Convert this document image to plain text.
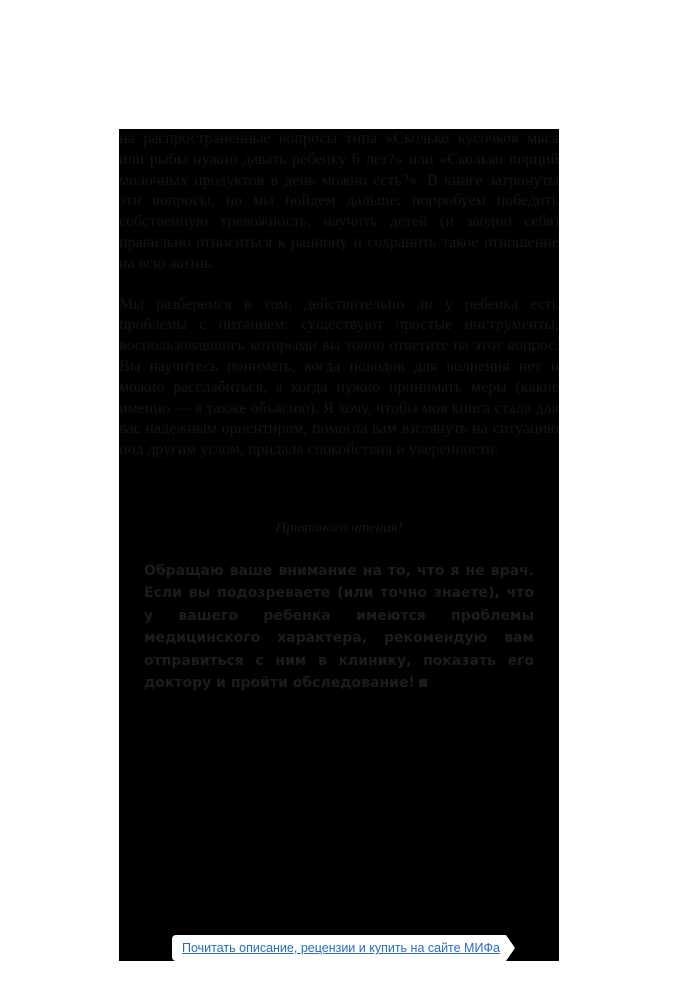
на распространенные вопросы типа «Сколько кусочков мяса или рыбы нужно давать ребенку 6 лет?» или «Сколько порций молочных продуктов в день можно есть?». В книге затронуты эти вопросы, но мы пойдем дальше: попробуем победить собственную тревожность, научить детей (и заодно себя) правильно относиться к рациону и сохранить такое отношение на всю жизнь.

Мы разберемся в том, действительно ли у ребенка есть проблемы с питанием: существуют простые инструменты, воспользовавшись которыми вы точно ответите на этот вопрос. Вы научитесь понимать, когда поводов для волнения нет и можно расслабиться, а когда нужно принимать меры (какие именно — я также объясню). Я хочу, чтобы моя книга стала для вас надежным ориентиром, помогла вам взглянуть на ситуацию под другим углом, придала спокойствия и уверенности.

Приятного чтения!

Обращаю ваше внимание на то, что я не врач. Если вы подозреваете (или точно знаете), что у вашего ребенка имеются проблемы медицинского характера, рекомендую вам отправиться с ним в клинику, показать его доктору и пройти обследование!

Почитать описание, рецензии и купить на сайте МИФа
